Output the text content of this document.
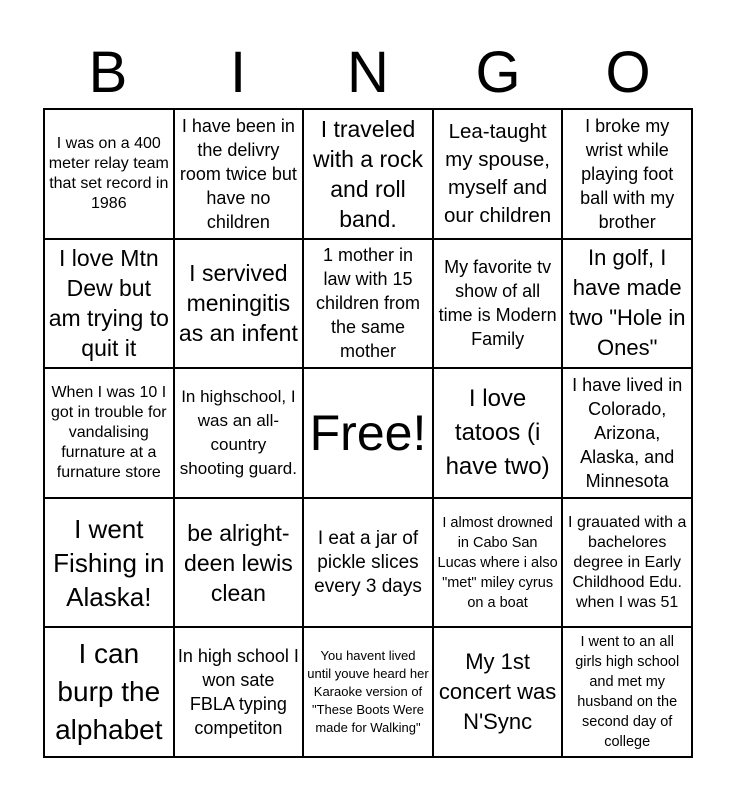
B	I	N	G	O
I was on a 400 meter relay team that set record in 1986
I have been in the delivry room twice but have no children
I traveled with a rock and roll band.
Lea-taught my spouse, myself and our children
I broke my wrist while playing foot ball with my brother
I love Mtn Dew but am trying to quit it
I servived meningitis as an infent
1 mother in law with 15 children from the same mother
My favorite tv show of all time is Modern Family
In golf, I have made two "Hole in Ones"
When I was 10 I got in trouble for vandalising furnature at a furnature store
In highschool, I was an all-country shooting guard.
Free!
I love tatoos (i have two)
I have lived in Colorado, Arizona, Alaska, and Minnesota
I went Fishing in Alaska!
be alright-deen lewis clean
I eat a jar of pickle slices every 3 days
I almost drowned in Cabo San Lucas where i also "met" miley cyrus on a boat
I grauated with a bachelores degree in Early Childhood Edu. when I was 51
I can burp the alphabet
In high school I won sate FBLA typing competiton
You havent lived until youve heard her Karaoke version of "These Boots Were made for Walking"
My 1st concert was N'Sync
I went to an all girls high school and met my husband on the second day of college
